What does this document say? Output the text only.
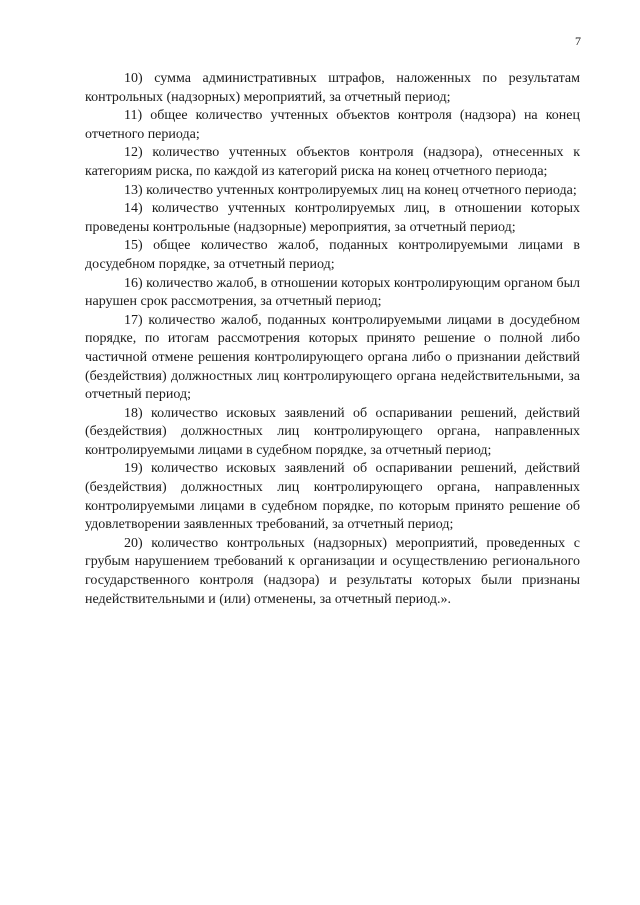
7

10) сумма административных штрафов, наложенных по результатам контрольных (надзорных) мероприятий, за отчетный период;

11) общее количество учтенных объектов контроля (надзора) на конец отчетного периода;

12) количество учтенных объектов контроля (надзора), отнесенных к категориям риска, по каждой из категорий риска на конец отчетного периода;

13) количество учтенных контролируемых лиц на конец отчетного периода;

14) количество учтенных контролируемых лиц, в отношении которых проведены контрольные (надзорные) мероприятия, за отчетный период;

15) общее количество жалоб, поданных контролируемыми лицами в досудебном порядке, за отчетный период;

16) количество жалоб, в отношении которых контролирующим органом был нарушен срок рассмотрения, за отчетный период;

17) количество жалоб, поданных контролируемыми лицами в досудебном порядке, по итогам рассмотрения которых принято решение о полной либо частичной отмене решения контролирующего органа либо о признании действий (бездействия) должностных лиц контролирующего органа недействительными, за отчетный период;

18) количество исковых заявлений об оспаривании решений, действий (бездействия) должностных лиц контролирующего органа, направленных контролируемыми лицами в судебном порядке, за отчетный период;

19) количество исковых заявлений об оспаривании решений, действий (бездействия) должностных лиц контролирующего органа, направленных контролируемыми лицами в судебном порядке, по которым принято решение об удовлетворении заявленных требований, за отчетный период;

20) количество контрольных (надзорных) мероприятий, проведенных с грубым нарушением требований к организации и осуществлению регионального государственного контроля (надзора) и результаты которых были признаны недействительными и (или) отменены, за отчетный период.».
